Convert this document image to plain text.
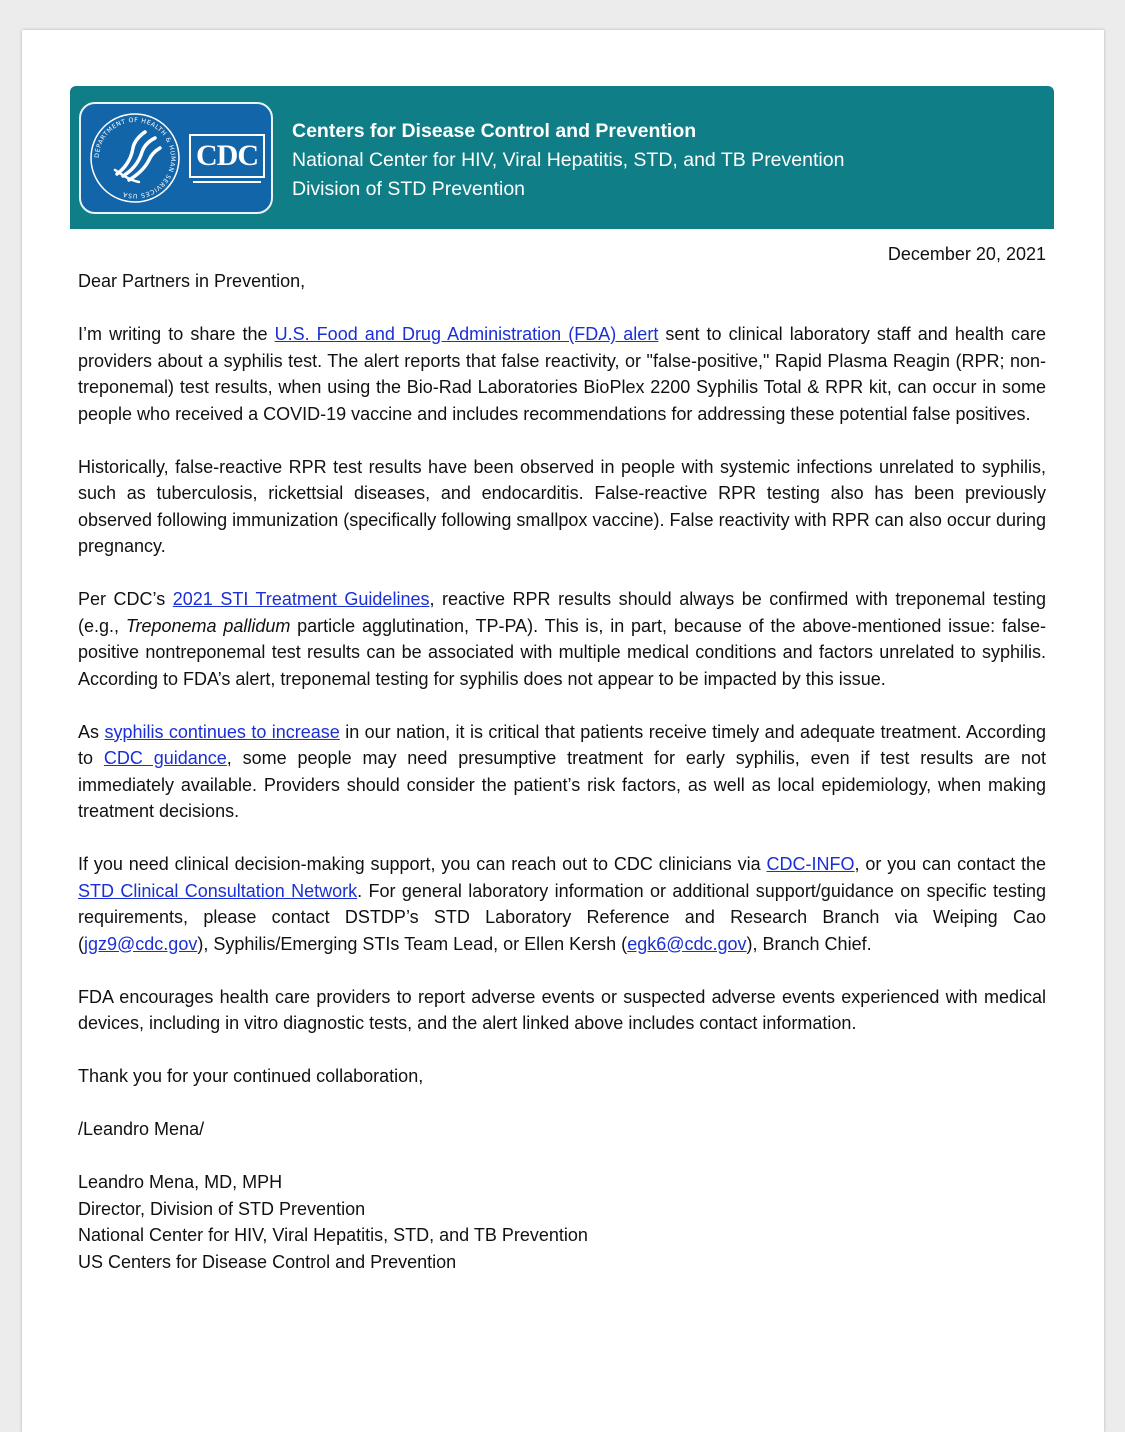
DEPARTMENT OF HEALTH & HUMAN SERVICES USA
CDC
Centers for Disease Control and Prevention
National Center for HIV, Viral Hepatitis, STD, and TB Prevention
Division of STD Prevention
December 20, 2021

Dear Partners in Prevention,

I’m writing to share the U.S. Food and Drug Administration (FDA) alert sent to clinical laboratory staff and health care providers about a syphilis test. The alert reports that false reactivity, or "false-positive," Rapid Plasma Reagin (RPR; non-treponemal) test results, when using the Bio-Rad Laboratories BioPlex 2200 Syphilis Total & RPR kit, can occur in some people who received a COVID-19 vaccine and includes recommendations for addressing these potential false positives.

Historically, false-reactive RPR test results have been observed in people with systemic infections unrelated to syphilis, such as tuberculosis, rickettsial diseases, and endocarditis. False-reactive RPR testing also has been previously observed following immunization (specifically following smallpox vaccine). False reactivity with RPR can also occur during pregnancy.

Per CDC’s 2021 STI Treatment Guidelines, reactive RPR results should always be confirmed with treponemal testing (e.g., Treponema pallidum particle agglutination, TP-PA). This is, in part, because of the above-mentioned issue: false-positive nontreponemal test results can be associated with multiple medical conditions and factors unrelated to syphilis. According to FDA’s alert, treponemal testing for syphilis does not appear to be impacted by this issue.

As syphilis continues to increase in our nation, it is critical that patients receive timely and adequate treatment. According to CDC guidance, some people may need presumptive treatment for early syphilis, even if test results are not immediately available. Providers should consider the patient’s risk factors, as well as local epidemiology, when making treatment decisions.

If you need clinical decision-making support, you can reach out to CDC clinicians via CDC-INFO, or you can contact the STD Clinical Consultation Network. For general laboratory information or additional support/guidance on specific testing requirements, please contact DSTDP’s STD Laboratory Reference and Research Branch via Weiping Cao (jgz9@cdc.gov), Syphilis/Emerging STIs Team Lead, or Ellen Kersh (egk6@cdc.gov), Branch Chief.

FDA encourages health care providers to report adverse events or suspected adverse events experienced with medical devices, including in vitro diagnostic tests, and the alert linked above includes contact information.

Thank you for your continued collaboration,

/Leandro Mena/

Leandro Mena, MD, MPH

Director, Division of STD Prevention

National Center for HIV, Viral Hepatitis, STD, and TB Prevention

US Centers for Disease Control and Prevention
